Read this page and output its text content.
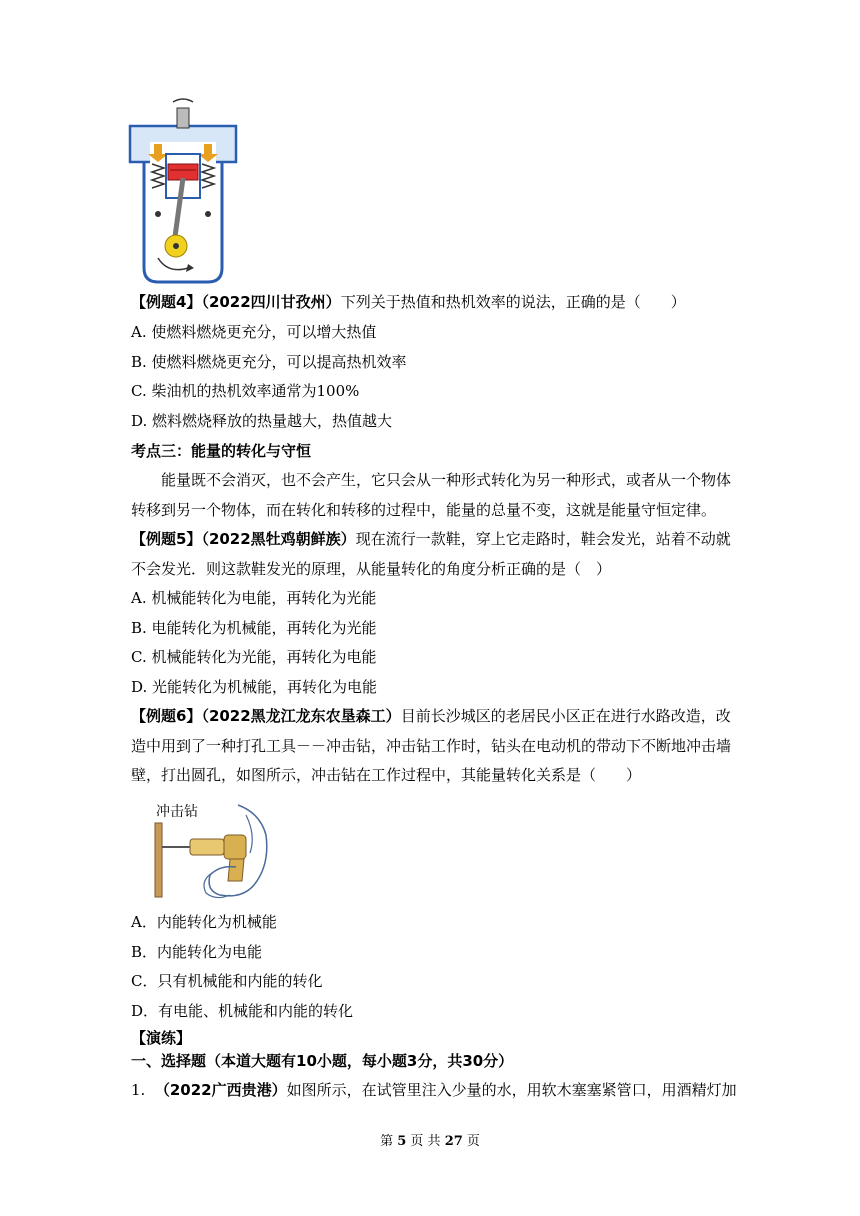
【例题4】（2022四川甘孜州）下列关于热值和热机效率的说法，正确的是（　　）
A. 使燃料燃烧更充分，可以增大热值
B. 使燃料燃烧更充分，可以提高热机效率
C. 柴油机的热机效率通常为100%
D. 燃料燃烧释放的热量越大，热值越大
考点三：能量的转化与守恒
能量既不会消灭，也不会产生，它只会从一种形式转化为另一种形式，或者从一个物体
转移到另一个物体，而在转化和转移的过程中，能量的总量不变，这就是能量守恒定律。
【例题5】（2022黑牡鸡朝鲜族）现在流行一款鞋，穿上它走路时，鞋会发光，站着不动就
不会发光．则这款鞋发光的原理，从能量转化的角度分析正确的是（　）
A. 机械能转化为电能，再转化为光能
B. 电能转化为机械能，再转化为光能
C. 机械能转化为光能，再转化为电能
D. 光能转化为机械能，再转化为电能
【例题6】（2022黑龙江龙东农垦森工）目前长沙城区的老居民小区正在进行水路改造，改
造中用到了一种打孔工具－－冲击钻，冲击钻工作时，钻头在电动机的带动下不断地冲击墙
壁，打出圆孔，如图所示，冲击钻在工作过程中，其能量转化关系是（　　）
冲击钻
A．内能转化为机械能
B．内能转化为电能
C．只有机械能和内能的转化
D．有电能、机械能和内能的转化
【演练】
一、选择题（本道大题有10小题，每小题3分，共30分）
1. （2022广西贵港）如图所示，在试管里注入少量的水，用软木塞塞紧管口，用酒精灯加
第 5 页 共 27 页
